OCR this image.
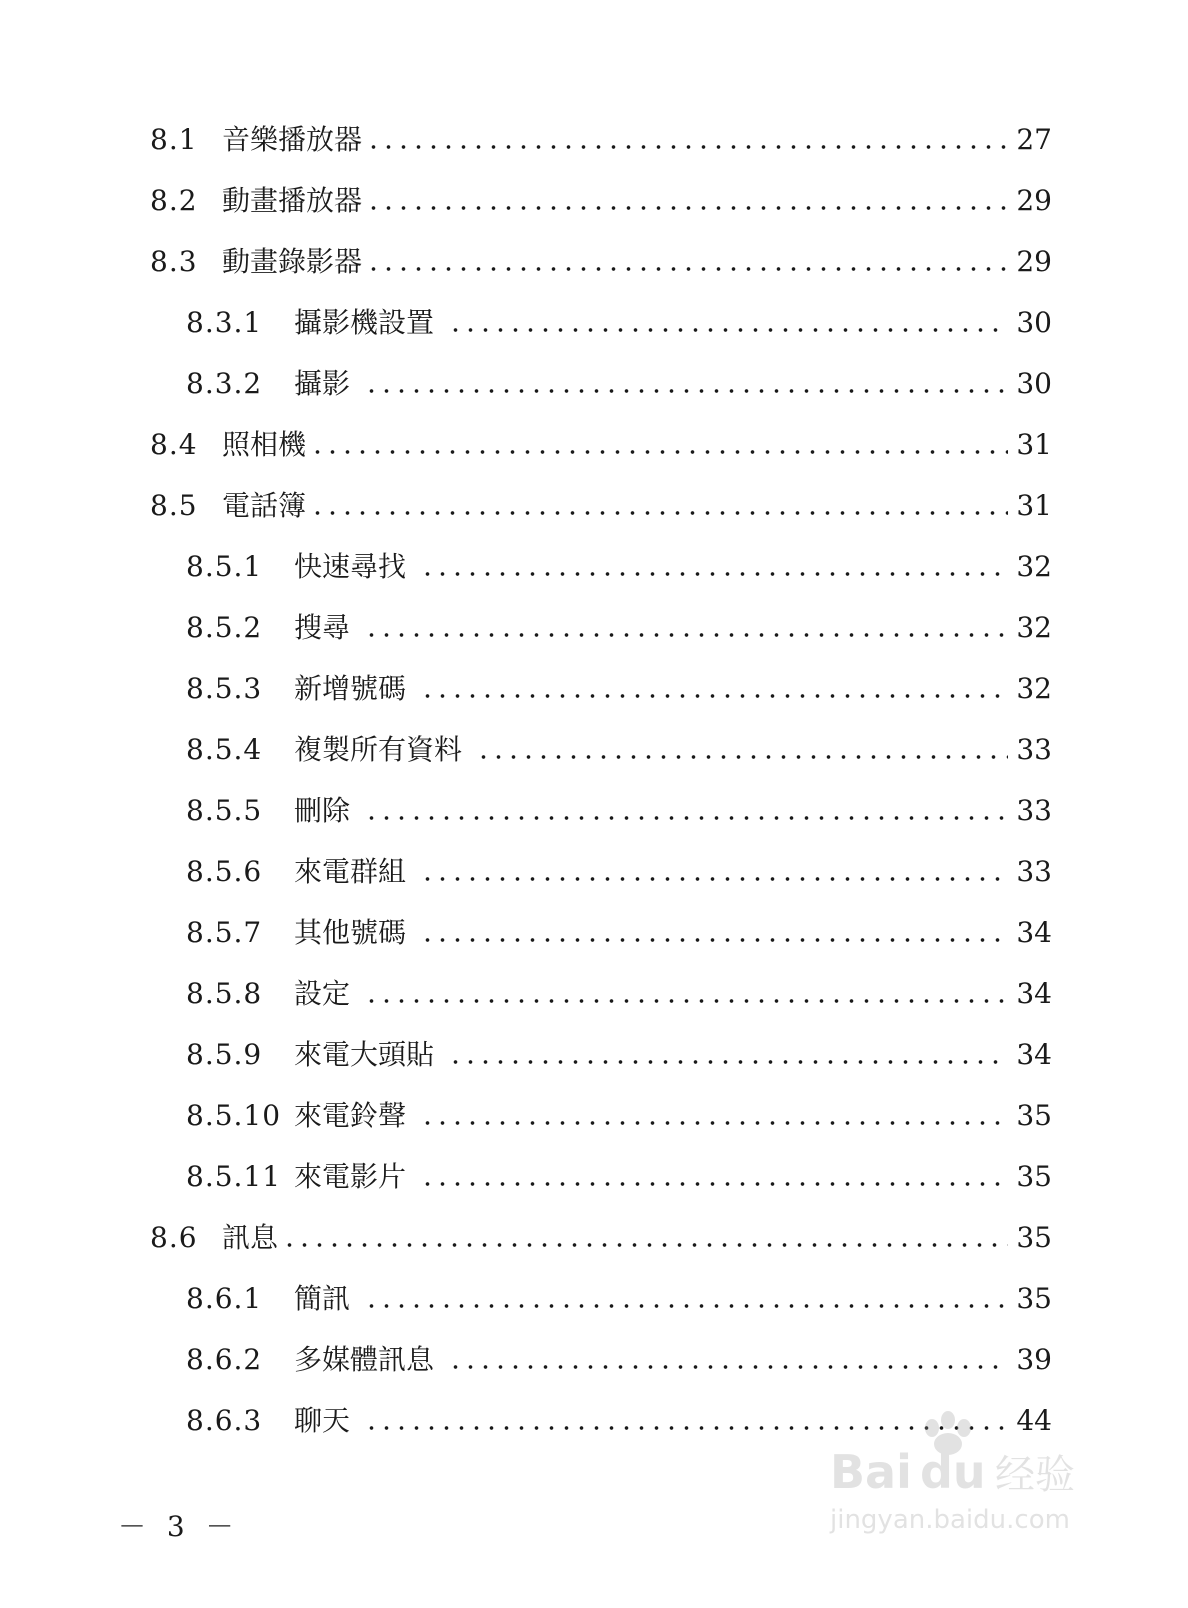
8.1 音樂播放器	27
8.2 動畫播放器	29
8.3 動畫錄影器	29
8.3.1 攝影機設置	30
8.3.2 攝影	30
8.4 照相機	31
8.5 電話簿	31
8.5.1 快速尋找	32
8.5.2 搜尋	32
8.5.3 新增號碼	32
8.5.4 複製所有資料	33
8.5.5 刪除	33
8.5.6 來電群組	33
8.5.7 其他號碼	34
8.5.8 設定	34
8.5.9 來電大頭貼	34
8.5.10 來電鈴聲	35
8.5.11 來電影片	35
8.6 訊息	35
8.6.1 簡訊	35
8.6.2 多媒體訊息	39
8.6.3 聊天	44
－ 3 －
Bai du 经验
jingyan.baidu.com
